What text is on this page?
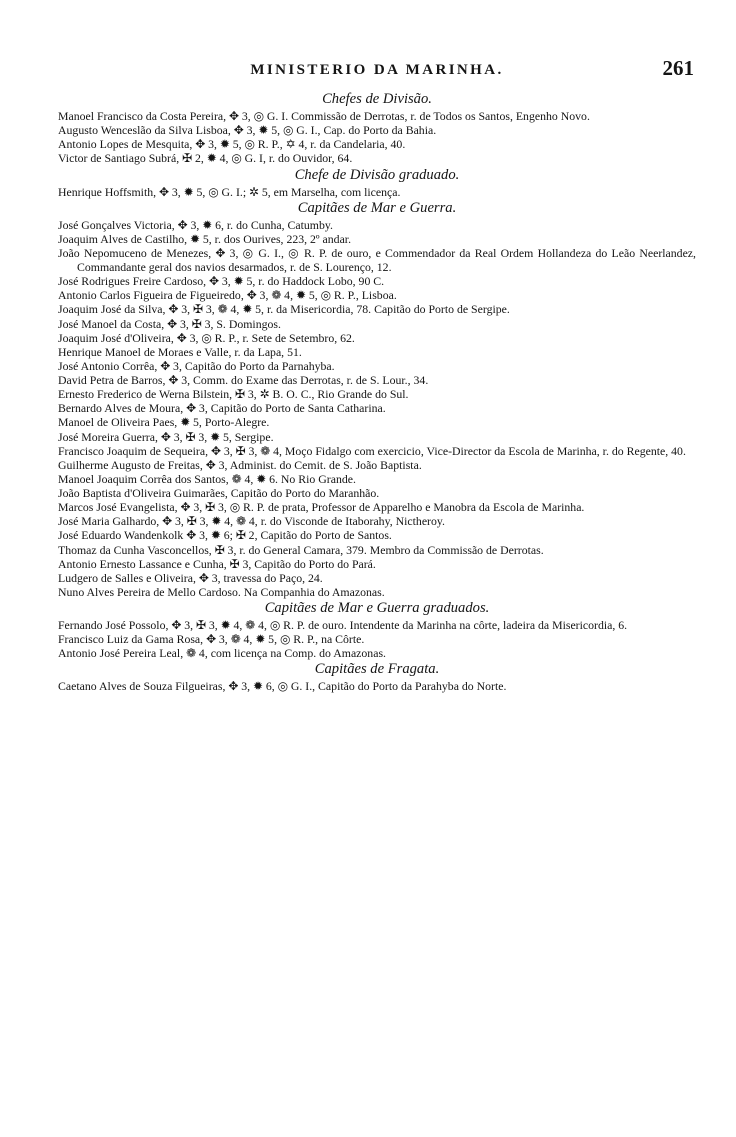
MINISTERIO DA MARINHA.	261
Chefes de Divisão.
Manoel Francisco da Costa Pereira, ✥ 3, ◎ G. I. Commissão de Derrotas, r. de Todos os Santos, Engenho Novo.
Augusto Wenceslão da Silva Lisboa, ✥ 3, ✹ 5, ◎ G. I., Cap. do Porto da Bahia.
Antonio Lopes de Mesquita, ✥ 3, ✹ 5, ◎ R. P., ✡ 4, r. da Candelaria, 40.
Victor de Santiago Subrá, ✠ 2, ✹ 4, ◎ G. I, r. do Ouvidor, 64.
Chefe de Divisão graduado.
Henrique Hoffsmith, ✥ 3, ✹ 5, ◎ G. I.; ✲ 5, em Marselha, com licença.
Capitães de Mar e Guerra.
José Gonçalves Victoria, ✥ 3, ✹ 6, r. do Cunha, Catumby.
Joaquim Alves de Castilho, ✹ 5, r. dos Ourives, 223, 2º andar.
João Nepomuceno de Menezes, ✥ 3, ◎ G. I., ◎ R. P. de ouro, e Commendador da Real Ordem Hollandeza do Leão Neerlandez, Commandante geral dos navios desarmados, r. de S. Lourenço, 12.
José Rodrigues Freire Cardoso, ✥ 3, ✹ 5, r. do Haddock Lobo, 90 C.
Antonio Carlos Figueira de Figueiredo, ✥ 3, ❁ 4, ✹ 5, ◎ R. P., Lisboa.
Joaquim José da Silva, ✥ 3, ✠ 3, ❁ 4, ✹ 5, r. da Misericordia, 78. Capitão do Porto de Sergipe.
José Manoel da Costa, ✥ 3, ✠ 3, S. Domingos.
Joaquim José d'Oliveira, ✥ 3, ◎ R. P., r. Sete de Setembro, 62.
Henrique Manoel de Moraes e Valle, r. da Lapa, 51.
José Antonio Corrêa, ✥ 3, Capitão do Porto da Parnahyba.
David Petra de Barros, ✥ 3, Comm. do Exame das Derrotas, r. de S. Lour., 34.
Ernesto Frederico de Werna Bilstein, ✠ 3, ✲ B. O. C., Rio Grande do Sul.
Bernardo Alves de Moura, ✥ 3, Capitão do Porto de Santa Catharina.
Manoel de Oliveira Paes, ✹ 5, Porto-Alegre.
José Moreira Guerra, ✥ 3, ✠ 3, ✹ 5, Sergipe.
Francisco Joaquim de Sequeira, ✥ 3, ✠ 3, ❁ 4, Moço Fidalgo com exercicio, Vice-Director da Escola de Marinha, r. do Regente, 40.
Guilherme Augusto de Freitas, ✥ 3, Administ. do Cemit. de S. João Baptista.
Manoel Joaquim Corrêa dos Santos, ❁ 4, ✹ 6. No Rio Grande.
João Baptista d'Oliveira Guimarães, Capitão do Porto do Maranhão.
Marcos José Evangelista, ✥ 3, ✠ 3, ◎ R. P. de prata, Professor de Apparelho e Manobra da Escola de Marinha.
José Maria Galhardo, ✥ 3, ✠ 3, ✹ 4, ❁ 4, r. do Visconde de Itaborahy, Nictheroy.
José Eduardo Wandenkolk ✥ 3, ✹ 6; ✠ 2, Capitão do Porto de Santos.
Thomaz da Cunha Vasconcellos, ✠ 3, r. do General Camara, 379. Membro da Commissão de Derrotas.
Antonio Ernesto Lassance e Cunha, ✠ 3, Capitão do Porto do Pará.
Ludgero de Salles e Oliveira, ✥ 3, travessa do Paço, 24.
Nuno Alves Pereira de Mello Cardoso. Na Companhia do Amazonas.
Capitães de Mar e Guerra graduados.
Fernando José Possolo, ✥ 3, ✠ 3, ✹ 4, ❁ 4, ◎ R. P. de ouro. Intendente da Marinha na côrte, ladeira da Misericordia, 6.
Francisco Luiz da Gama Rosa, ✥ 3, ❁ 4, ✹ 5, ◎ R. P., na Côrte.
Antonio José Pereira Leal, ❁ 4, com licença na Comp. do Amazonas.
Capitães de Fragata.
Caetano Alves de Souza Filgueiras, ✥ 3, ✹ 6, ◎ G. I., Capitão do Porto da Parahyba do Norte.
